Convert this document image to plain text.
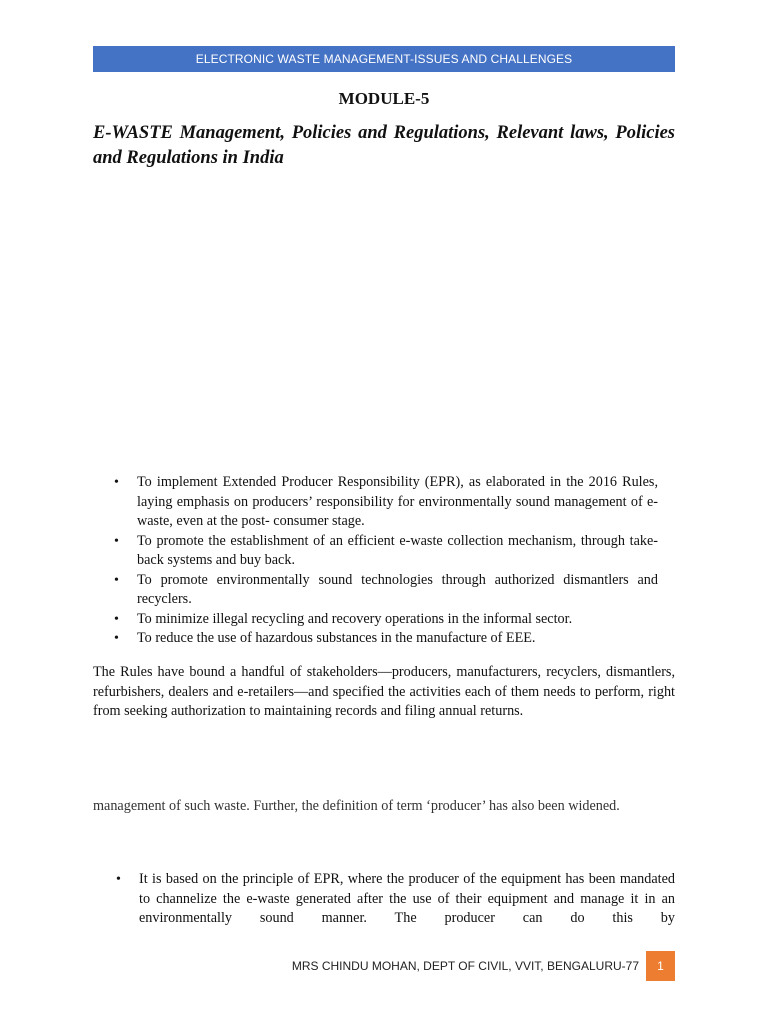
ELECTRONIC WASTE MANAGEMENT-ISSUES AND CHALLENGES
MODULE-5
E-WASTE Management, Policies and Regulations, Relevant laws, Policies and Regulations in India
• To implement Extended Producer Responsibility (EPR), as elaborated in the 2016 Rules, laying emphasis on producers’ responsibility for environmentally sound management of e-waste, even at the post- consumer stage.
• To promote the establishment of an efficient e-waste collection mechanism, through take-back systems and buy back.
• To promote environmentally sound technologies through authorized dismantlers and recyclers.
• To minimize illegal recycling and recovery operations in the informal sector.
• To reduce the use of hazardous substances in the manufacture of EEE.

The Rules have bound a handful of stakeholders—producers, manufacturers, recyclers, dismantlers, refurbishers, dealers and e-retailers—and specified the activities each of them needs to perform, right from seeking authorization to maintaining records and filing annual returns.

management of such waste. Further, the definition of term ‘producer’ has also been widened.

• It is based on the principle of EPR, where the producer of the equipment has been mandated to channelize the e-waste generated after the use of their equipment and manage it in an environmentally sound manner. The producer can do this by
MRS CHINDU MOHAN, DEPT OF CIVIL, VVIT, BENGALURU-77	1
